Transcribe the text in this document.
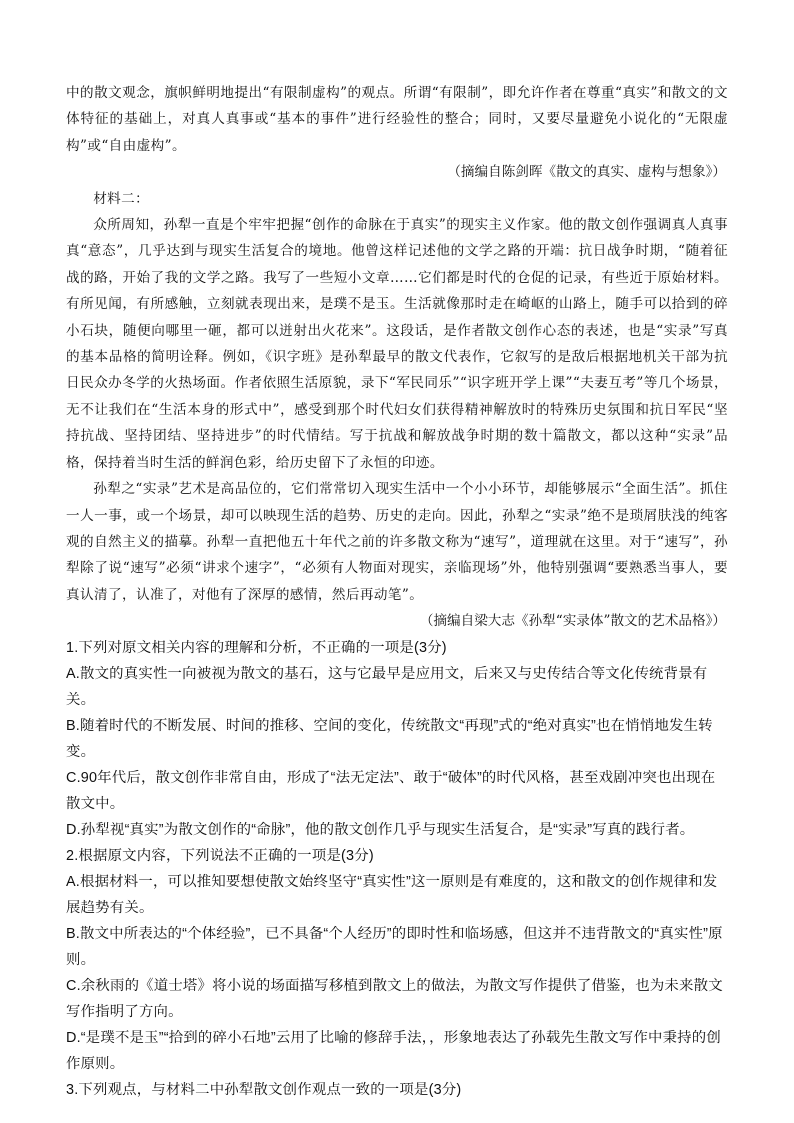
中的散文观念，旗帜鲜明地提出“有限制虚构”的观点。所谓“有限制”，即允许作者在尊重“真实”和散文的文体特征的基础上，对真人真事或“基本的事件”进行经验性的整合；同时，又要尽量避免小说化的“无限虚构”或“自由虚构”。

（摘编自陈剑晖《散文的真实、虚构与想象》）

材料二：

众所周知，孙犁一直是个牢牢把握“创作的命脉在于真实”的现实主义作家。他的散文创作强调真人真事真“意态”，几乎达到与现实生活复合的境地。他曾这样记述他的文学之路的开端：抗日战争时期，“随着征战的路，开始了我的文学之路。我写了一些短小文章……它们都是时代的仓促的记录，有些近于原始材料。有所见闻，有所感触，立刻就表现出来，是璞不是玉。生活就像那时走在崎岖的山路上，随手可以拾到的碎小石块，随便向哪里一砸，都可以迸射出火花来”。这段话，是作者散文创作心态的表述，也是“实录”写真的基本品格的简明诠释。例如，《识字班》是孙犁最早的散文代表作，它叙写的是敌后根据地机关干部为抗日民众办冬学的火热场面。作者依照生活原貌，录下“军民同乐”“识字班开学上课”“夫妻互考”等几个场景，无不让我们在“生活本身的形式中”，感受到那个时代妇女们获得精神解放时的特殊历史氛围和抗日军民“坚持抗战、坚持团结、坚持进步”的时代情结。写于抗战和解放战争时期的数十篇散文，都以这种“实录”品格，保持着当时生活的鲜润色彩，给历史留下了永恒的印迹。

孙犁之“实录”艺术是高品位的，它们常常切入现实生活中一个小小环节，却能够展示“全面生活”。抓住一人一事，或一个场景，却可以映现生活的趋势、历史的走向。因此，孙犁之“实录”绝不是琐屑肤浅的纯客观的自然主义的描摹。孙犁一直把他五十年代之前的许多散文称为“速写”，道理就在这里。对于“速写”，孙犁除了说“速写”必须“讲求个速字”，“必须有人物面对现实，亲临现场”外，他特别强调“要熟悉当事人，要真认清了，认准了，对他有了深厚的感情，然后再动笔”。

（摘编自梁大志《孙犁“实录体”散文的艺术品格》）

1.下列对原文相关内容的理解和分析，不正确的一项是(3分)

A.散文的真实性一向被视为散文的基石，这与它最早是应用文，后来又与史传结合等文化传统背景有关。

B.随着时代的不断发展、时间的推移、空间的变化，传统散文“再现”式的“绝对真实”也在悄悄地发生转变。

C.90年代后，散文创作非常自由，形成了“法无定法”、敢于“破体”的时代风格，甚至戏剧冲突也出现在散文中。

D.孙犁视“真实”为散文创作的“命脉”，他的散文创作几乎与现实生活复合，是“实录”写真的践行者。

2.根据原文内容，下列说法不正确的一项是(3分)

A.根据材料一，可以推知要想使散文始终坚守“真实性”这一原则是有难度的，这和散文的创作规律和发展趋势有关。

B.散文中所表达的“个体经验”，已不具备“个人经历”的即时性和临场感，但这并不违背散文的“真实性”原则。

C.余秋雨的《道士塔》将小说的场面描写移植到散文上的做法，为散文写作提供了借鉴，也为未来散文写作指明了方向。

D.“是璞不是玉”“拾到的碎小石地”云用了比喻的修辞手法，，形象地表达了孙载先生散文写作中秉持的创作原则。

3.下列观点，与材料二中孙犁散文创作观点一致的一项是(3分)
